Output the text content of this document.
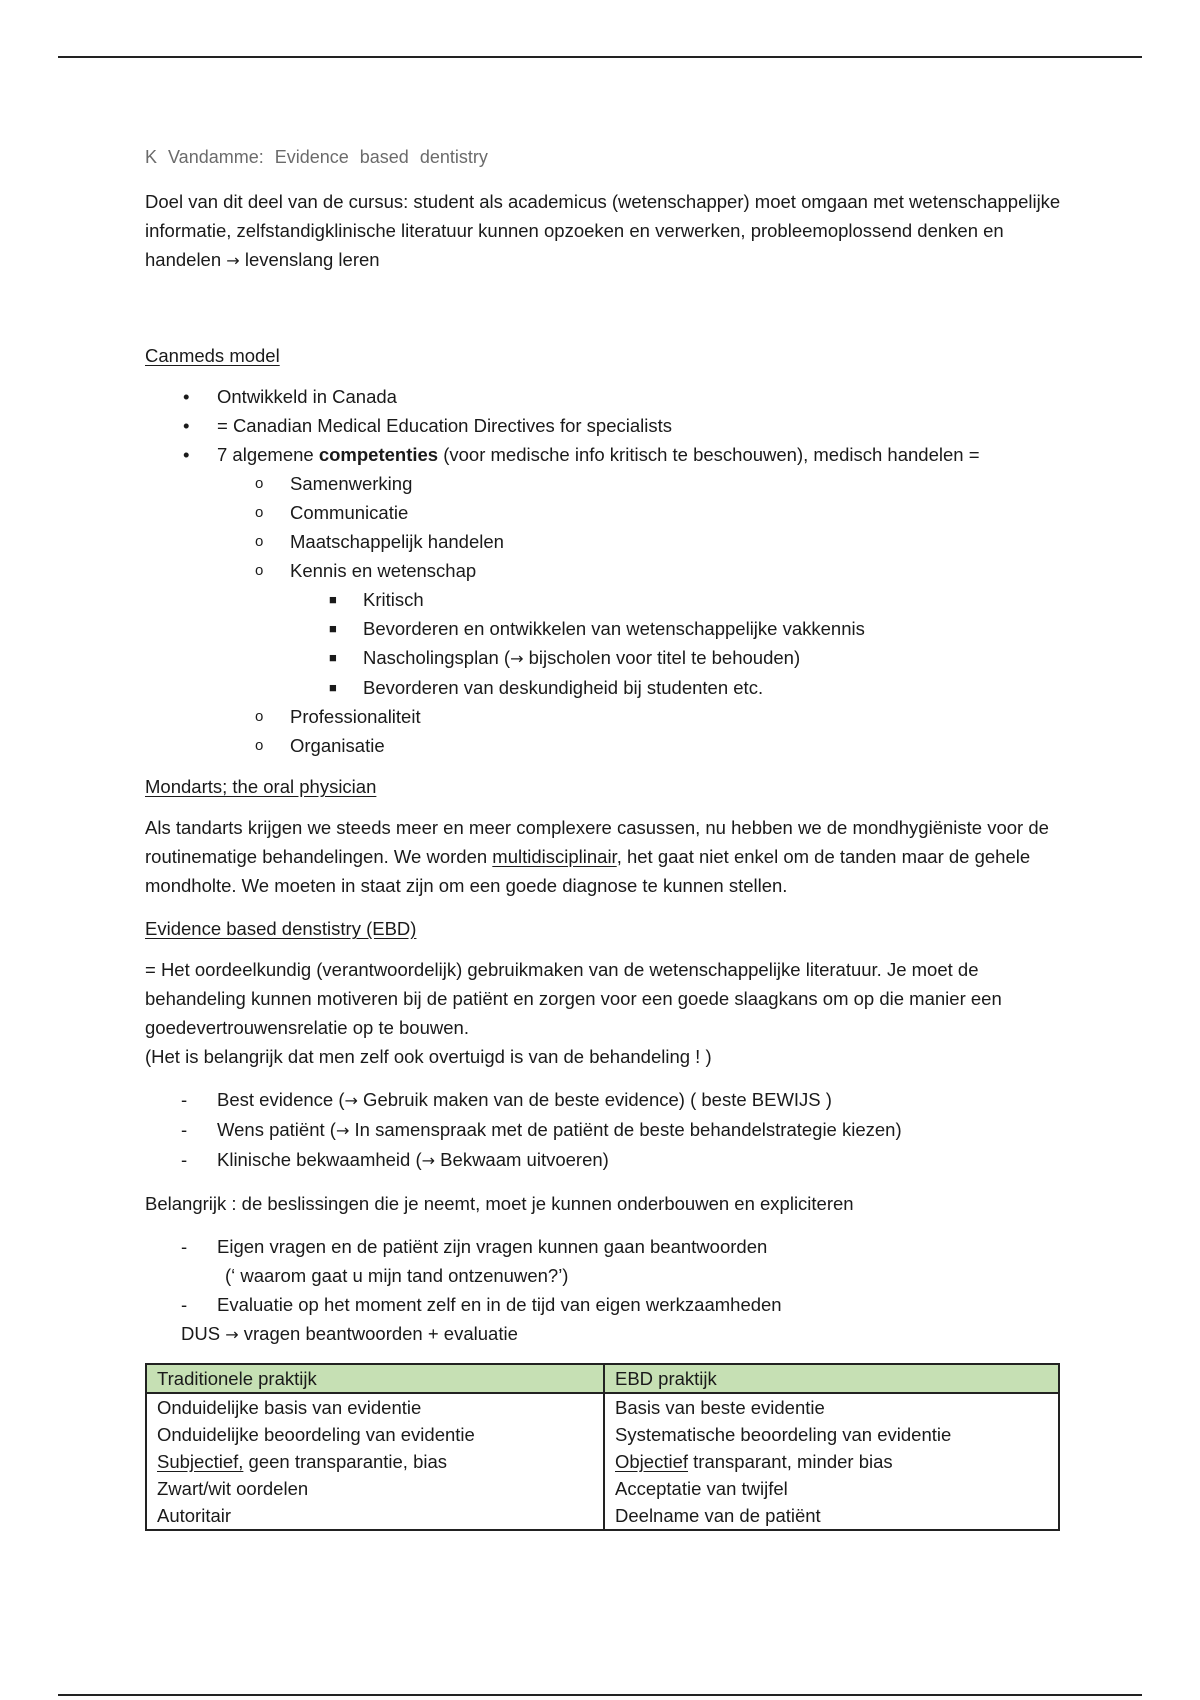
K Vandamme: Evidence based dentistry

Doel van dit deel van de cursus: student als academicus (wetenschapper) moet omgaan met wetenschappelijke informatie, zelfstandigklinische literatuur kunnen opzoeken en verwerken, probleemoplossend denken en handelen → levenslang leren

Canmeds model
• Ontwikkeld in Canada
• = Canadian Medical Education Directives for specialists
• 7 algemene competenties (voor medische info kritisch te beschouwen), medisch handelen =
o Samenwerking
o Communicatie
o Maatschappelijk handelen
o Kennis en wetenschap
■ Kritisch
■ Bevorderen en ontwikkelen van wetenschappelijke vakkennis
■ Nascholingsplan (→ bijscholen voor titel te behouden)
■ Bevorderen van deskundigheid bij studenten etc.
o Professionaliteit
o Organisatie
Mondarts; the oral physician

Als tandarts krijgen we steeds meer en meer complexere casussen, nu hebben we de mondhygiëniste voor de routinematige behandelingen. We worden multidisciplinair, het gaat niet enkel om de tanden maar de gehele mondholte. We moeten in staat zijn om een goede diagnose te kunnen stellen.

Evidence based denstistry (EBD)

= Het oordeelkundig (verantwoordelijk) gebruikmaken van de wetenschappelijke literatuur. Je moet de behandeling kunnen motiveren bij de patiënt en zorgen voor een goede slaagkans om op die manier een goedevertrouwensrelatie op te bouwen.

(Het is belangrijk dat men zelf ook overtuigd is van de behandeling ! )

- Best evidence (→ Gebruik maken van de beste evidence) ( beste BEWIJS )
- Wens patiënt (→ In samenspraak met de patiënt de beste behandelstrategie kiezen)
- Klinische bekwaamheid (→ Bekwaam uitvoeren)

Belangrijk : de beslissingen die je neemt, moet je kunnen onderbouwen en expliciteren

- Eigen vragen en de patiënt zijn vragen kunnen gaan beantwoorden
(‘ waarom gaat u mijn tand ontzenuwen?’)
- Evaluatie op het moment zelf en in de tijd van eigen werkzaamheden
DUS → vragen beantwoorden + evaluatie
Traditionele praktijk	EBD praktijk
Onduidelijke basis van evidentie	Basis van beste evidentie
Onduidelijke beoordeling van evidentie	Systematische beoordeling van evidentie
Subjectief, geen transparantie, bias	Objectief transparant, minder bias
Zwart/wit oordelen	Acceptatie van twijfel
Autoritair	Deelname van de patiënt
